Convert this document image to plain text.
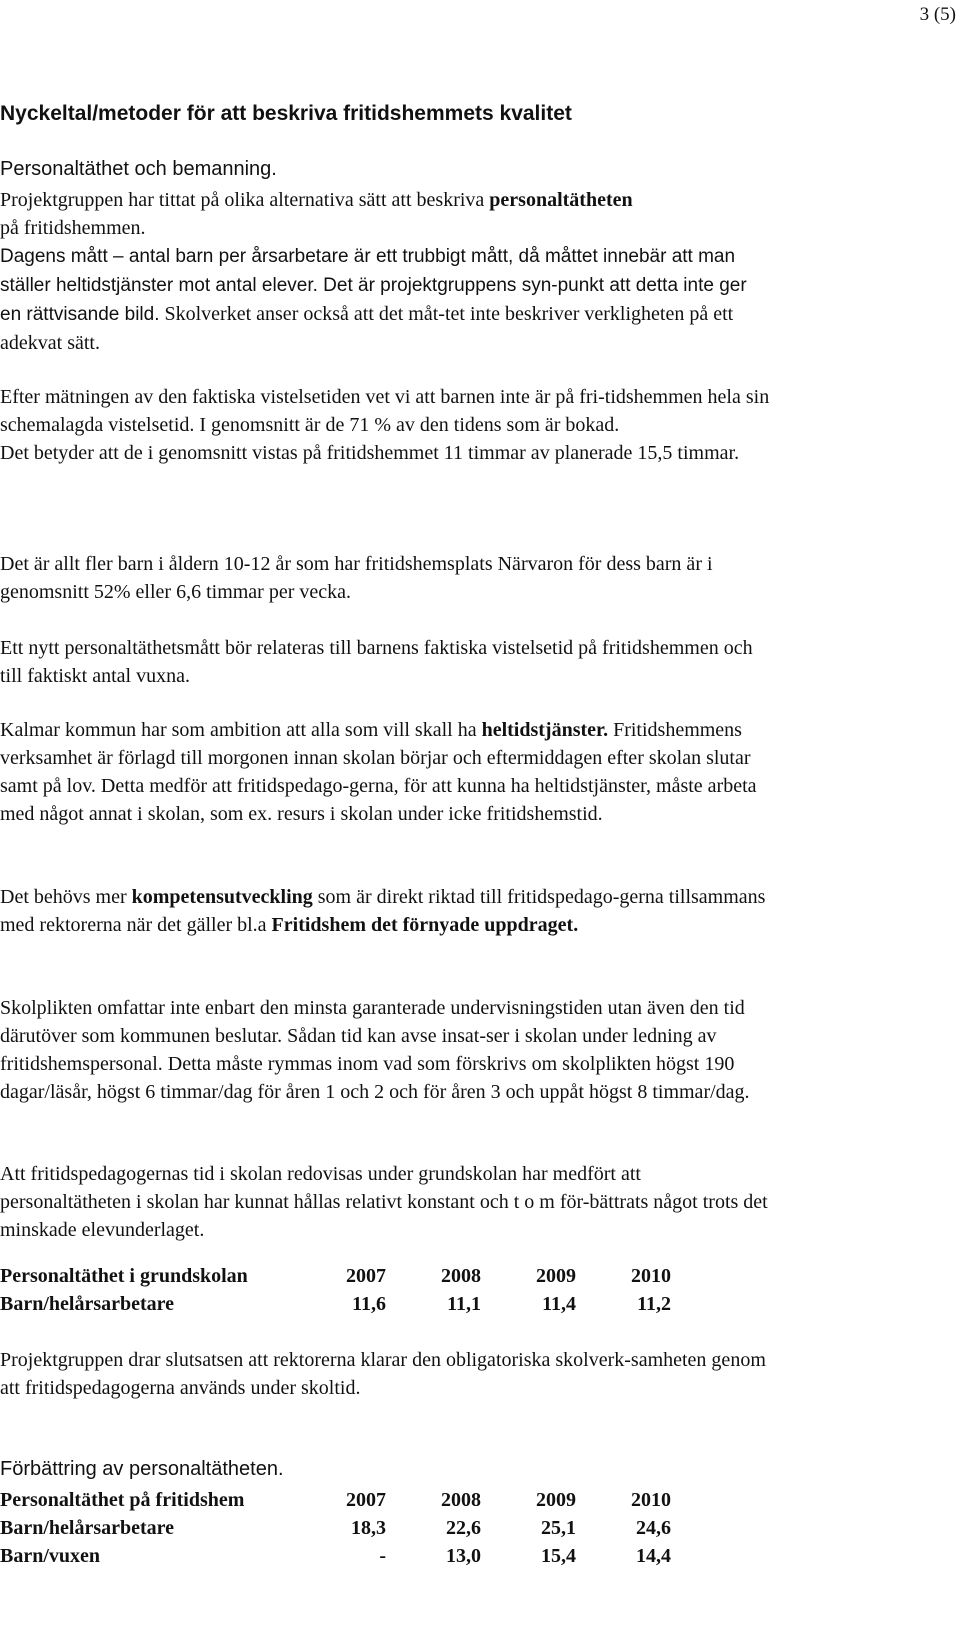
3 (5)
Nyckeltal/metoder för att beskriva fritidshemmets kvalitet
Personaltäthet och bemanning.

Projektgruppen har tittat på olika alternativa sätt att beskriva personaltätheten
på fritidshemmen.

Dagens mått – antal barn per årsarbetare är ett trubbigt mått, då måttet innebär att man ställer heltidstjänster mot antal elever. Det är projektgruppens syn-punkt att detta inte ger en rättvisande bild. Skolverket anser också att det måt-tet inte beskriver verkligheten på ett adekvat sätt.

Efter mätningen av den faktiska vistelsetiden vet vi att barnen inte är på fri-tidshemmen hela sin schemalagda vistelsetid. I genomsnitt är de 71 % av den tidens som är bokad.
Det betyder att de i genomsnitt vistas på fritidshemmet 11 timmar av planerade 15,5 timmar.

Det är allt fler barn i åldern 10-12 år som har fritidshemsplats Närvaron för dess barn är i genomsnitt 52% eller 6,6 timmar per vecka.

Ett nytt personaltäthetsmått bör relateras till barnens faktiska vistelsetid på fritidshemmen och till faktiskt antal vuxna.

Kalmar kommun har som ambition att alla som vill skall ha heltidstjänster. Fritidshemmens verksamhet är förlagd till morgonen innan skolan börjar och eftermiddagen efter skolan slutar samt på lov. Detta medför att fritidspedago-gerna, för att kunna ha heltidstjänster, måste arbeta med något annat i skolan, som ex. resurs i skolan under icke fritidshemstid.

Det behövs mer kompetensutveckling som är direkt riktad till fritidspedago-gerna tillsammans med rektorerna när det gäller bl.a Fritidshem det förnyade uppdraget.

Skolplikten omfattar inte enbart den minsta garanterade undervisningstiden utan även den tid därutöver som kommunen beslutar. Sådan tid kan avse insat-ser i skolan under ledning av fritidshemspersonal. Detta måste rymmas inom vad som förskrivs om skolplikten högst 190 dagar/läsår, högst 6 timmar/dag för åren 1 och 2 och för åren 3 och uppåt högst 8 timmar/dag.

Att fritidspedagogernas tid i skolan redovisas under grundskolan har medfört att personaltätheten i skolan har kunnat hållas relativt konstant och t o m för-bättrats något trots det minskade elevunderlaget.

Personaltäthet i grundskolan	2007	2008	2009	2010
Barn/helårsarbetare	11,6	11,1	11,4	11,2

Projektgruppen drar slutsatsen att rektorerna klarar den obligatoriska skolverk-samheten genom att fritidspedagogerna används under skoltid.

Förbättring av personaltätheten.
Personaltäthet på fritidshem	2007	2008	2009	2010
Barn/helårsarbetare	18,3	22,6	25,1	24,6
Barn/vuxen	-	13,0	15,4	14,4
